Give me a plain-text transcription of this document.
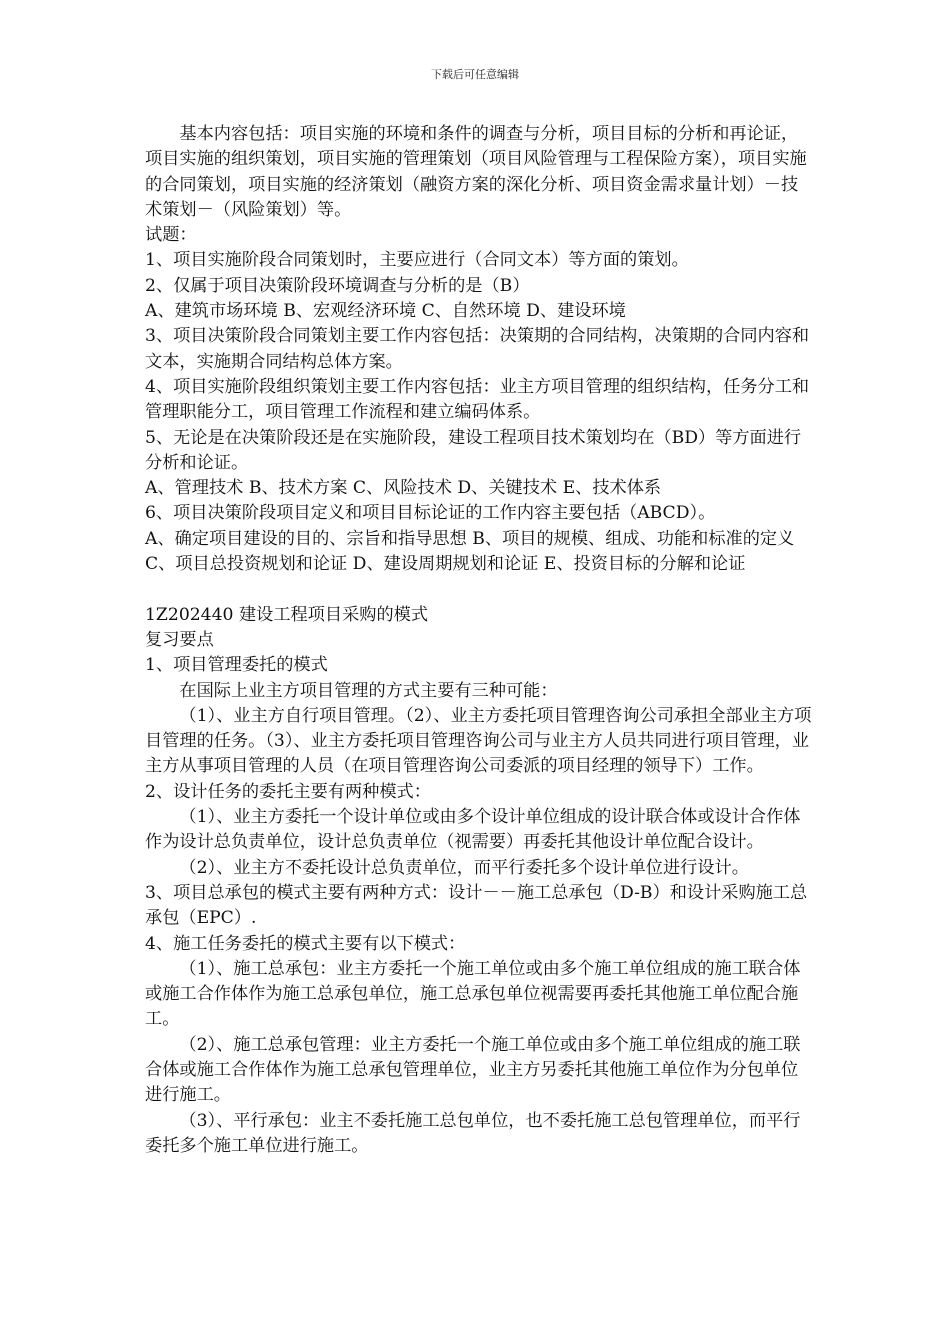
下载后可任意编辑

基本内容包括：项目实施的环境和条件的调查与分析，项目目标的分析和再论证，项目实施的组织策划，项目实施的管理策划（项目风险管理与工程保险方案），项目实施的合同策划，项目实施的经济策划（融资方案的深化分析、项目资金需求量计划）－技术策划－（风险策划）等。

试题：

1、项目实施阶段合同策划时，主要应进行（合同文本）等方面的策划。

2、仅属于项目决策阶段环境调查与分析的是（B）

A、建筑市场环境 B、宏观经济环境 C、自然环境 D、建设环境

3、项目决策阶段合同策划主要工作内容包括：决策期的合同结构，决策期的合同内容和文本，实施期合同结构总体方案。

4、项目实施阶段组织策划主要工作内容包括：业主方项目管理的组织结构，任务分工和管理职能分工，项目管理工作流程和建立编码体系。

5、无论是在决策阶段还是在实施阶段，建设工程项目技术策划均在（BD）等方面进行分析和论证。

A、管理技术 B、技术方案 C、风险技术 D、关键技术 E、技术体系

6、项目决策阶段项目定义和项目目标论证的工作内容主要包括（ABCD）。

A、确定项目建设的目的、宗旨和指导思想 B、项目的规模、组成、功能和标准的定义

C、项目总投资规划和论证 D、建设周期规划和论证 E、投资目标的分解和论证

1Z202440 建设工程项目采购的模式

复习要点

1、项目管理委托的模式

在国际上业主方项目管理的方式主要有三种可能：

（1）、业主方自行项目管理。（2）、业主方委托项目管理咨询公司承担全部业主方项目管理的任务。（3）、业主方委托项目管理咨询公司与业主方人员共同进行项目管理，业主方从事项目管理的人员（在项目管理咨询公司委派的项目经理的领导下）工作。

2、设计任务的委托主要有两种模式：

（1）、业主方委托一个设计单位或由多个设计单位组成的设计联合体或设计合作体作为设计总负责单位，设计总负责单位（视需要）再委托其他设计单位配合设计。

（2）、业主方不委托设计总负责单位，而平行委托多个设计单位进行设计。

3、项目总承包的模式主要有两种方式：设计－－施工总承包（D-B）和设计采购施工总承包（EPC）.

4、施工任务委托的模式主要有以下模式：

（1）、施工总承包：业主方委托一个施工单位或由多个施工单位组成的施工联合体或施工合作体作为施工总承包单位，施工总承包单位视需要再委托其他施工单位配合施工。

（2）、施工总承包管理：业主方委托一个施工单位或由多个施工单位组成的施工联合体或施工合作体作为施工总承包管理单位，业主方另委托其他施工单位作为分包单位进行施工。

（3）、平行承包：业主不委托施工总包单位，也不委托施工总包管理单位，而平行委托多个施工单位进行施工。
